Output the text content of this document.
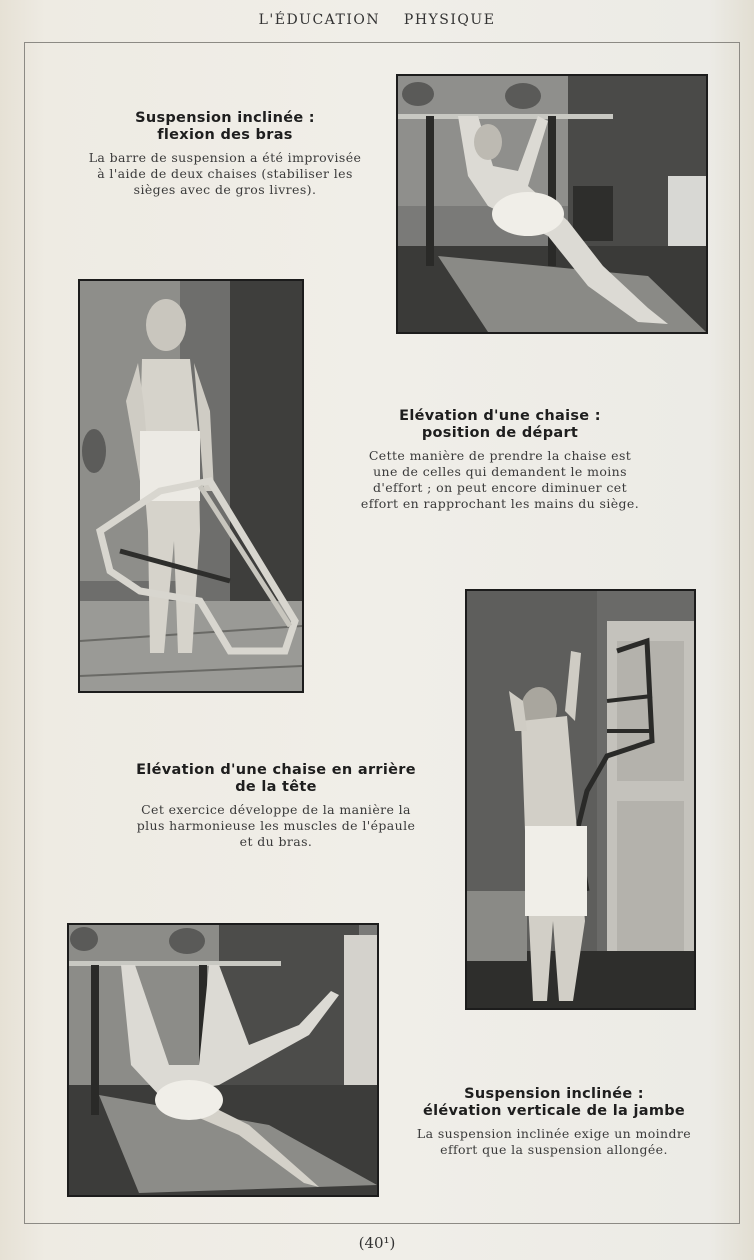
L'ÉDUCATION    PHYSIQUE
Suspension inclinée :
flexion des bras
La barre de suspension a été improvisée
à l'aide de deux chaises (stabiliser les
sièges avec de gros livres).
Elévation d'une chaise :
position de départ
Cette manière de prendre la chaise est
une de celles qui demandent le moins
d'effort ; on peut encore diminuer cet
effort en rapprochant les mains du siège.
Elévation d'une chaise en arrière
de la tête
Cet exercice développe de la manière la
plus harmonieuse les muscles de l'épaule
et du bras.
Suspension inclinée :
élévation verticale de la jambe
La suspension inclinée exige un moindre
effort que la suspension allongée.
(40¹)
